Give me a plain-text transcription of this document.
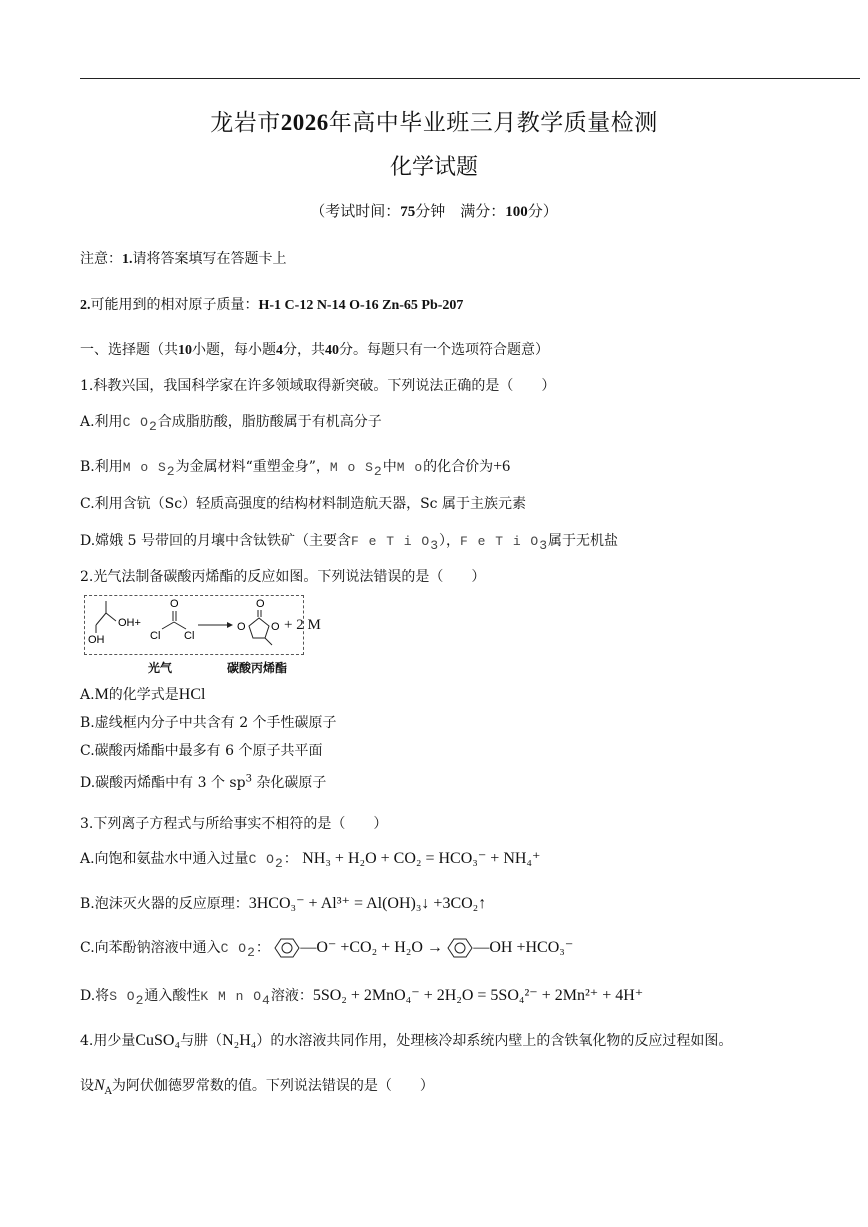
龙岩市2026年高中毕业班三月教学质量检测
化学试题
（考试时间：75分钟　满分：100分）
注意：1.请将答案填写在答题卡上
2.可能用到的相对原子质量：H-1 C-12 N-14 O-16 Zn-65 Pb-207
一、选择题（共10小题，每小题4分，共40分。每题只有一个选项符合题意）
1.科教兴国，我国科学家在许多领域取得新突破。下列说法正确的是（　　）
A.利用C $O_2$合成脂肪酸，脂肪酸属于有机高分子
B.利用M o $S_2$为金属材料“重塑金身”，M o $S_2$中M o的化合价为+6
C.利用含钪（Sc）轻质高强度的结构材料制造航天器，Sc 属于主族元素
D.嫦娥 5 号带回的月壤中含钛铁矿（主要含F e T i $O_3$），F e T i $O_3$属于无机盐
2.光气法制备碳酸丙烯酯的反应如图。下列说法错误的是（　　）
OH+
OH
O
Cl Cl
O
O O + 2 M
光气	碳酸丙烯酯
A.M的化学式是HCl
B.虚线框内分子中共含有 2 个手性碳原子
C.碳酸丙烯酯中最多有 6 个原子共平面
D.碳酸丙烯酯中有 3 个 $sp^3$ 杂化碳原子
3.下列离子方程式与所给事实不相符的是（　　）
A.向饱和氨盐水中通入过量C $O_2$： NH₃ + H₂O + CO₂ = HCO₃⁻ + NH₄⁺
B.泡沫灭火器的反应原理：3HCO₃⁻ + Al³⁺ = Al(OH)₃↓ +3CO₂↑
C.向苯酚钠溶液中通入C $O_2$： —O⁻ +CO₂ + H₂O → —OH +HCO₃⁻
D.将S $O_2$通入酸性K M n $O_4$溶液：5SO₂ + 2MnO₄⁻ + 2H₂O = 5SO₄²⁻ + 2Mn²⁺ + 4H⁺
4.用少量CuSO₄与肼（N₂H₄）的水溶液共同作用，处理核冷却系统内壁上的含铁氧化物的反应过程如图。
设$N_A$为阿伏伽德罗常数的值。下列说法错误的是（　　）
